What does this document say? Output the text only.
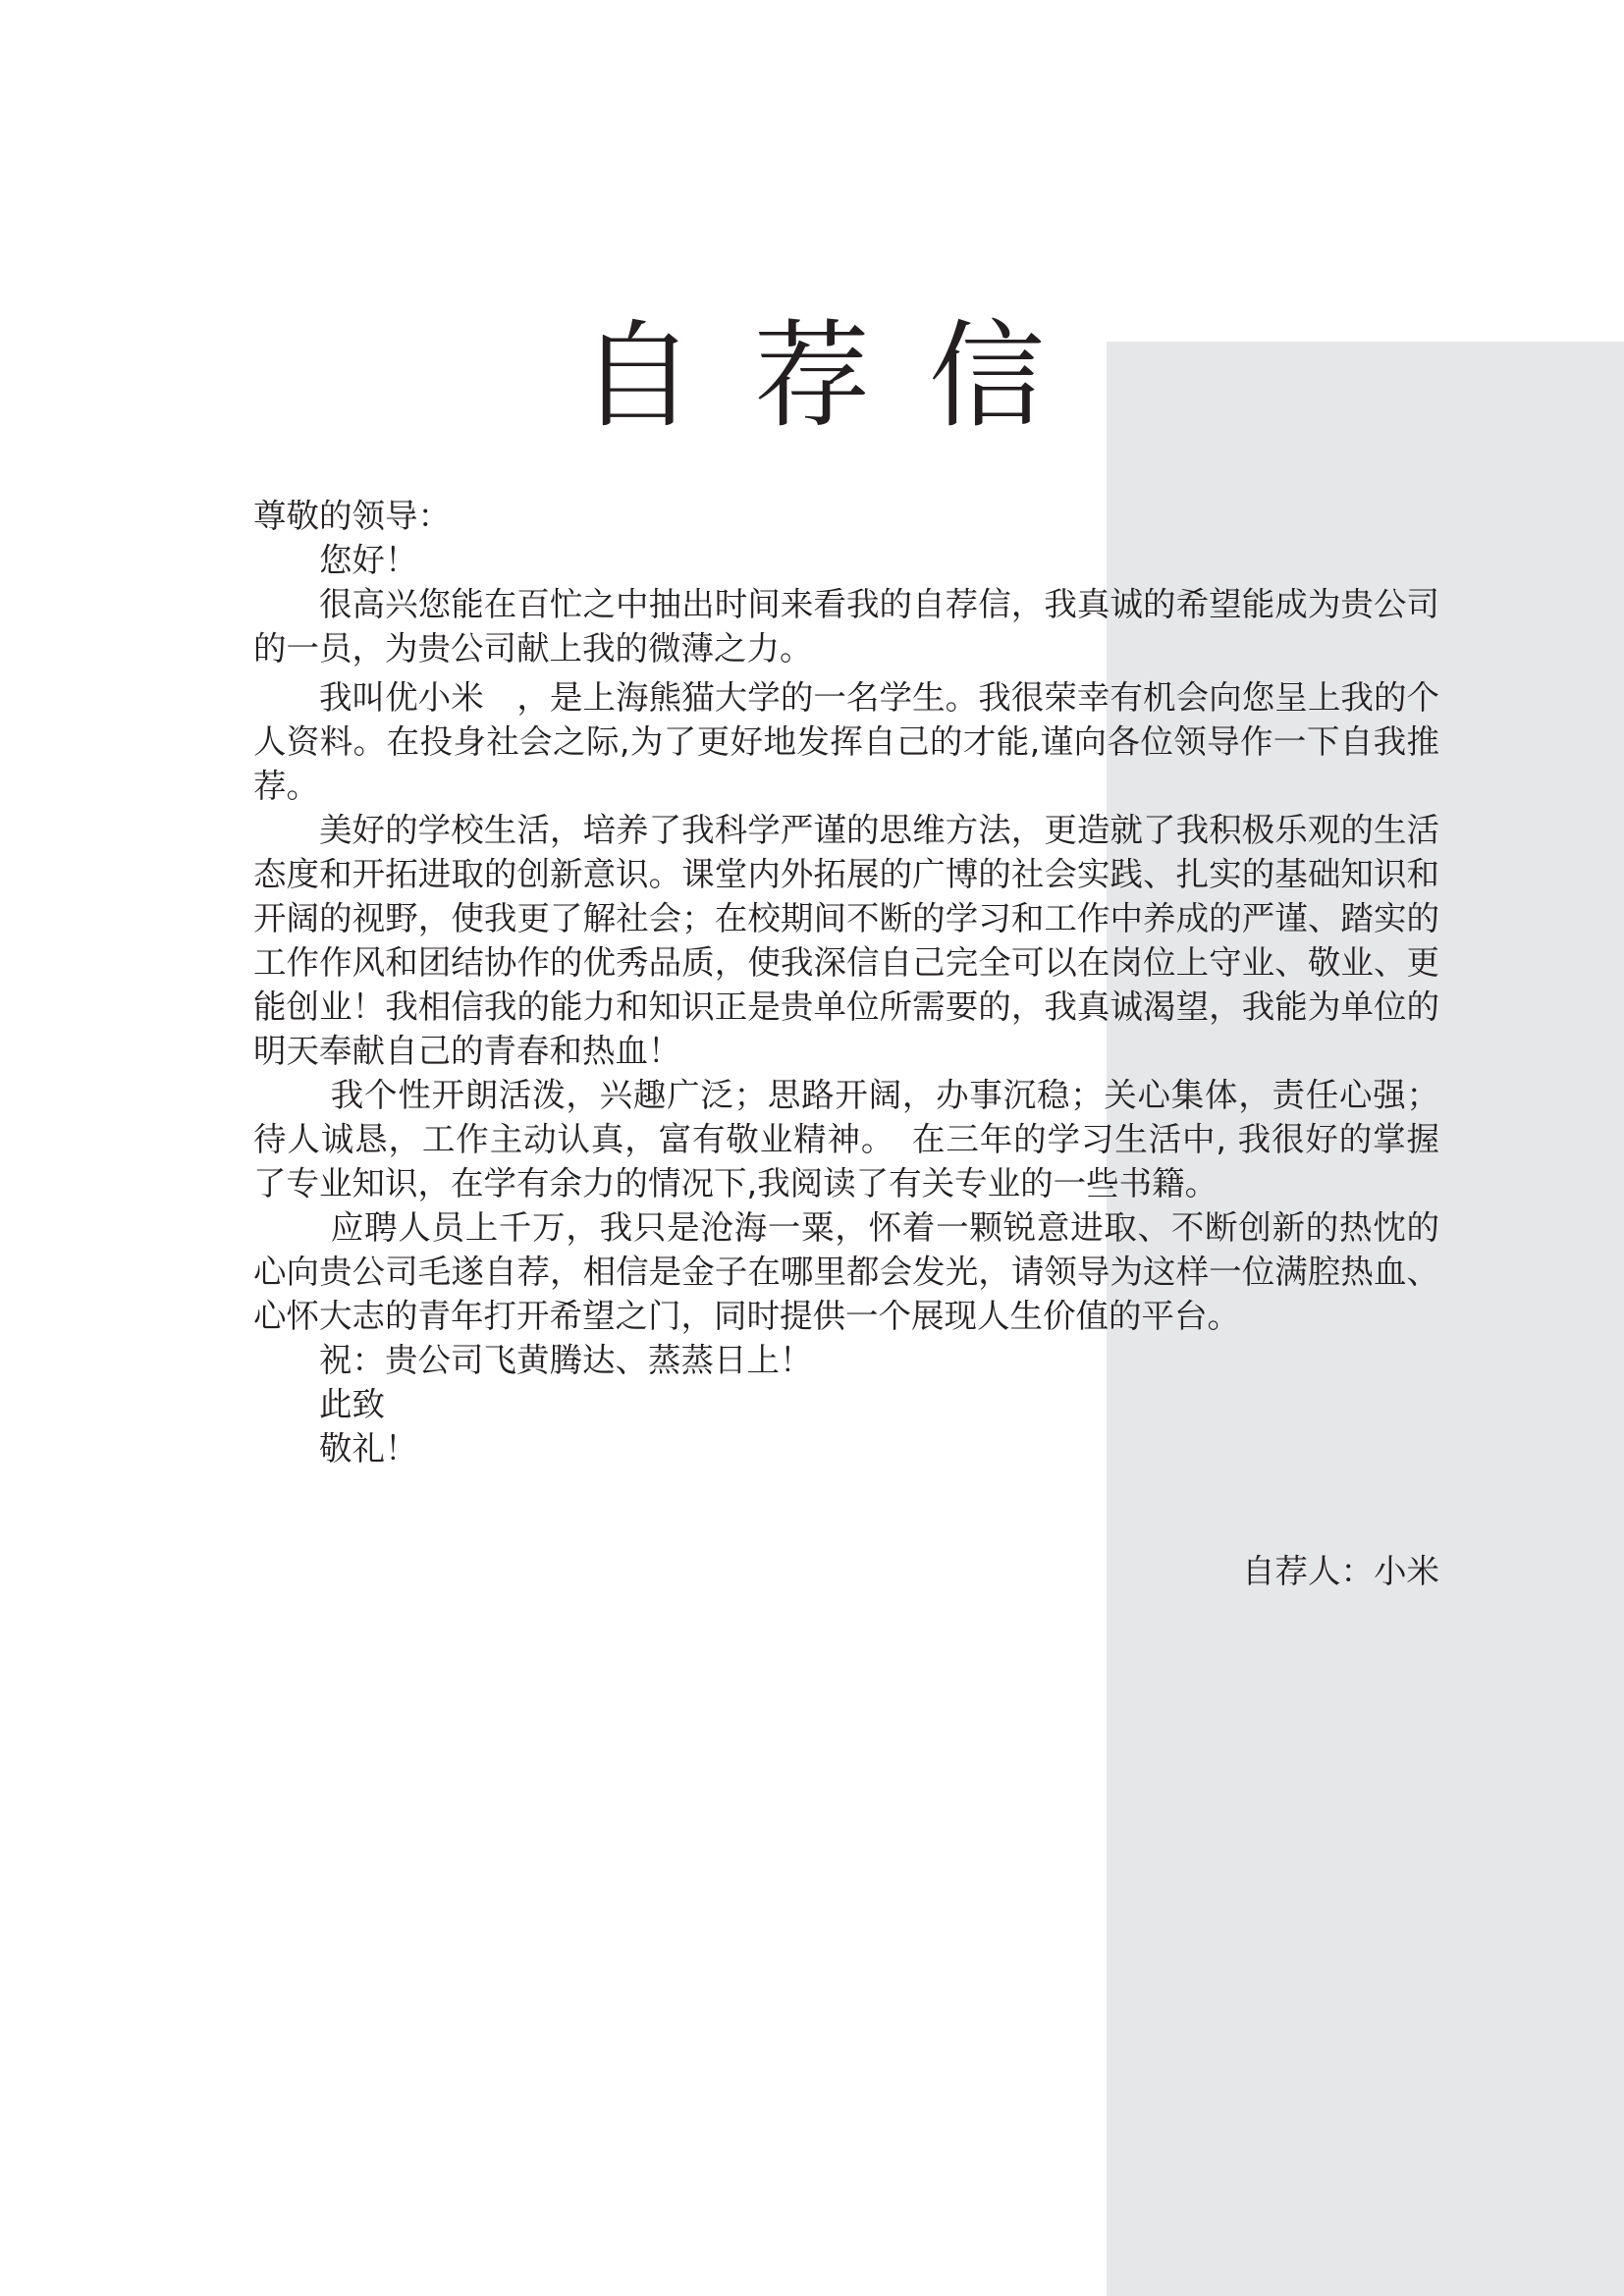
自荐信

尊敬的领导：

您好！

很高兴您能在百忙之中抽出时间来看我的自荐信，我真诚的希望能成为贵公司的一员，为贵公司献上我的微薄之力。

我叫优小米　，是上海熊猫大学的一名学生。我很荣幸有机会向您呈上我的个人资料。在投身社会之际,为了更好地发挥自己的才能,谨向各位领导作一下自我推荐。

美好的学校生活，培养了我科学严谨的思维方法，更造就了我积极乐观的生活态度和开拓进取的创新意识。课堂内外拓展的广博的社会实践、扎实的基础知识和开阔的视野，使我更了解社会；在校期间不断的学习和工作中养成的严谨、踏实的工作作风和团结协作的优秀品质，使我深信自己完全可以在岗位上守业、敬业、更能创业！我相信我的能力和知识正是贵单位所需要的，我真诚渴望，我能为单位的明天奉献自己的青春和热血！

我个性开朗活泼，兴趣广泛；思路开阔，办事沉稳；关心集体，责任心强；待人诚恳，工作主动认真，富有敬业精神。　在三年的学习生活中, 我很好的掌握了专业知识，在学有余力的情况下,我阅读了有关专业的一些书籍。

应聘人员上千万，我只是沧海一粟，怀着一颗锐意进取、不断创新的热忱的心向贵公司毛遂自荐，相信是金子在哪里都会发光，请领导为这样一位满腔热血、心怀大志的青年打开希望之门，同时提供一个展现人生价值的平台。

祝：贵公司飞黄腾达、蒸蒸日上！

此致

敬礼！

自荐人：小米
